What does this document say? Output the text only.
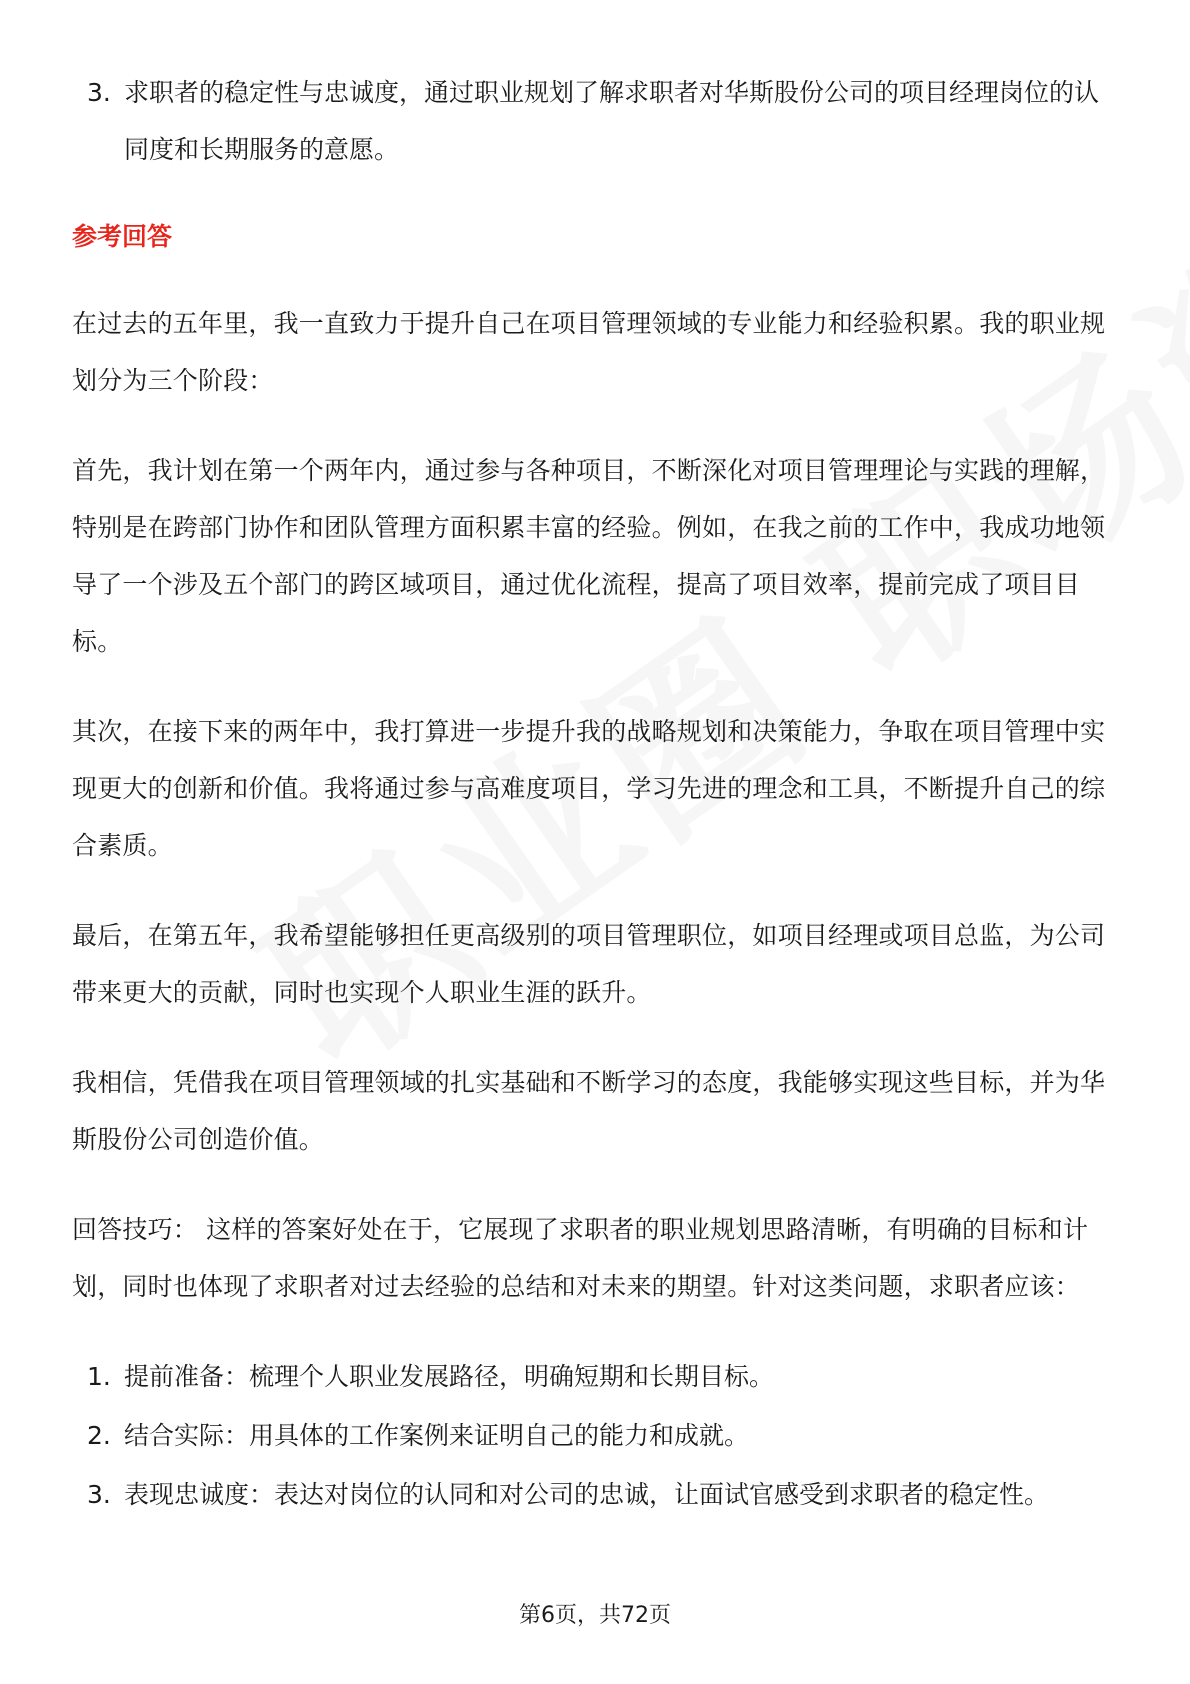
3. 求职者的稳定性与忠诚度，通过职业规划了解求职者对华斯股份公司的项目经理岗位的认同度和长期服务的意愿。
参考回答

在过去的五年里，我一直致力于提升自己在项目管理领域的专业能力和经验积累。我的职业规划分为三个阶段：

首先，我计划在第一个两年内，通过参与各种项目，不断深化对项目管理理论与实践的理解，特别是在跨部门协作和团队管理方面积累丰富的经验。例如，在我之前的工作中，我成功地领导了一个涉及五个部门的跨区域项目，通过优化流程，提高了项目效率，提前完成了项目目标。

其次，在接下来的两年中，我打算进一步提升我的战略规划和决策能力，争取在项目管理中实现更大的创新和价值。我将通过参与高难度项目，学习先进的理念和工具，不断提升自己的综合素质。

最后，在第五年，我希望能够担任更高级别的项目管理职位，如项目经理或项目总监，为公司带来更大的贡献，同时也实现个人职业生涯的跃升。

我相信，凭借我在项目管理领域的扎实基础和不断学习的态度，我能够实现这些目标，并为华斯股份公司创造价值。

回答技巧： 这样的答案好处在于，它展现了求职者的职业规划思路清晰，有明确的目标和计划，同时也体现了求职者对过去经验的总结和对未来的期望。针对这类问题，求职者应该：

1. 提前准备：梳理个人职业发展路径，明确短期和长期目标。
2. 结合实际：用具体的工作案例来证明自己的能力和成就。
3. 表现忠诚度：表达对岗位的认同和对公司的忠诚，让面试官感受到求职者的稳定性。
第6页，共72页
